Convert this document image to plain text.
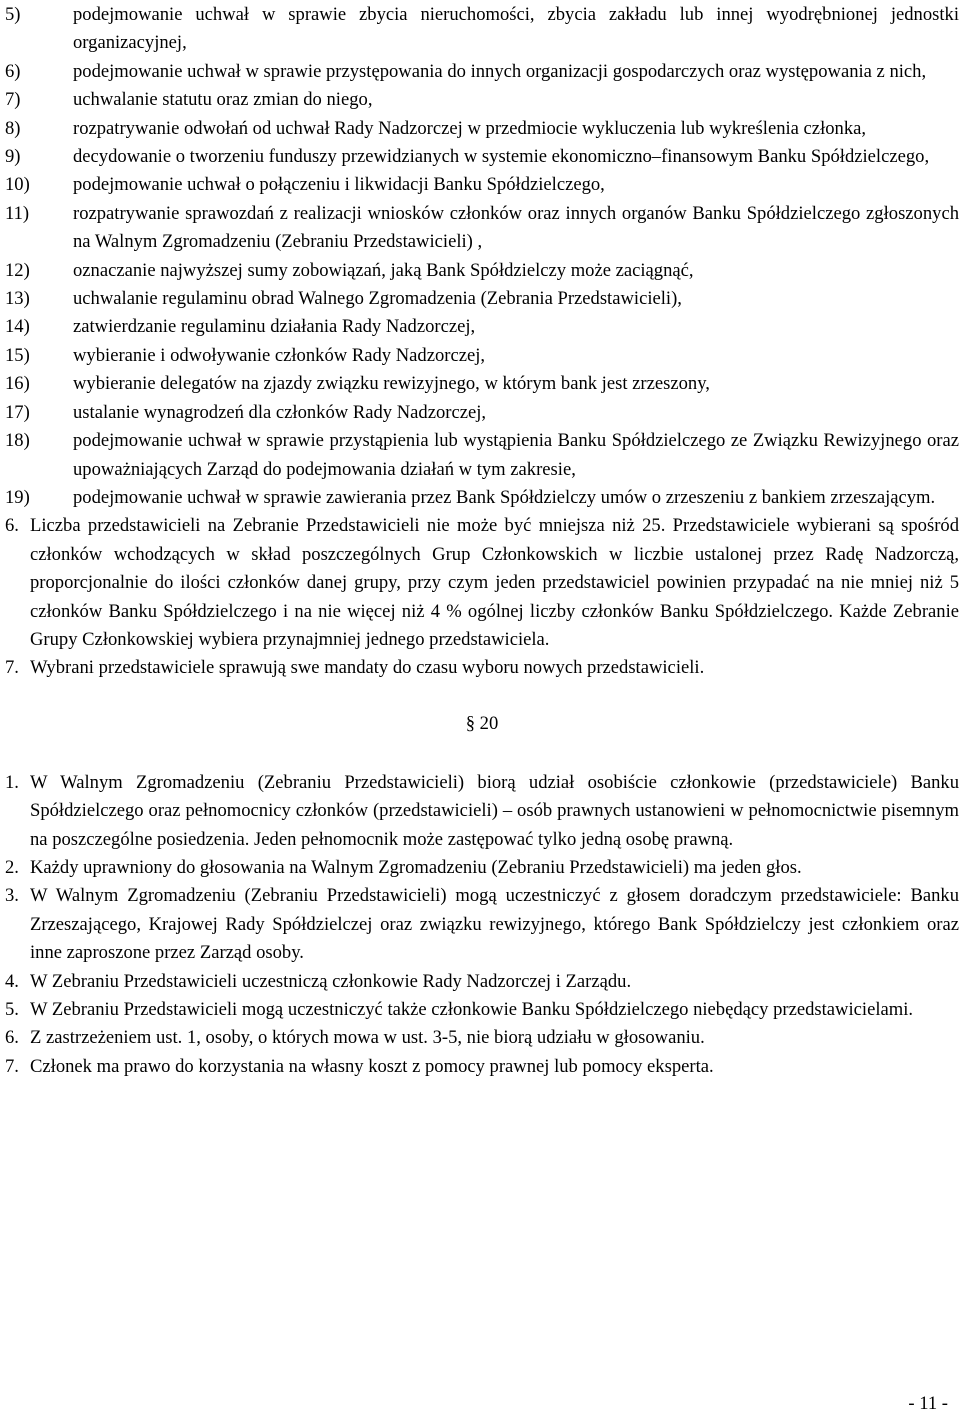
5)	podejmowanie uchwał w sprawie zbycia nieruchomości, zbycia zakładu lub innej wyodrębnionej jednostki organizacyjnej,
6)	podejmowanie uchwał w sprawie przystępowania do innych organizacji gospodarczych oraz występowania z nich,
7)	uchwalanie statutu oraz zmian do niego,
8)	rozpatrywanie odwołań od uchwał Rady Nadzorczej w przedmiocie wykluczenia lub wykreślenia członka,
9)	decydowanie o tworzeniu funduszy przewidzianych w systemie ekonomiczno–finansowym Banku Spółdzielczego,
10) podejmowanie uchwał o połączeniu i likwidacji Banku Spółdzielczego,
11) rozpatrywanie sprawozdań z realizacji wniosków członków oraz innych organów Banku Spółdzielczego zgłoszonych na Walnym Zgromadzeniu (Zebraniu Przedstawicieli) ,
12) oznaczanie najwyższej sumy zobowiązań, jaką Bank Spółdzielczy może zaciągnąć,
13) uchwalanie regulaminu obrad Walnego Zgromadzenia (Zebrania Przedstawicieli),
14) zatwierdzanie regulaminu działania Rady Nadzorczej,
15) wybieranie i odwoływanie członków Rady Nadzorczej,
16) wybieranie delegatów na zjazdy związku rewizyjnego, w którym bank jest zrzeszony,
17) ustalanie wynagrodzeń dla członków Rady Nadzorczej,
18) podejmowanie uchwał w sprawie przystąpienia lub wystąpienia Banku Spółdzielczego ze Związku Rewizyjnego oraz upoważniających Zarząd do podejmowania działań w tym zakresie,
19) podejmowanie uchwał w sprawie zawierania przez Bank Spółdzielczy umów o zrzeszeniu z bankiem zrzeszającym.
6. Liczba przedstawicieli na Zebranie Przedstawicieli nie może być mniejsza niż 25. Przedstawiciele wybierani są spośród członków wchodzących w skład poszczególnych Grup Członkowskich w liczbie ustalonej przez Radę Nadzorczą, proporcjonalnie do ilości członków danej grupy, przy czym jeden przedstawiciel powinien przypadać na nie mniej niż 5 członków Banku Spółdzielczego i na nie więcej niż 4 % ogólnej liczby członków Banku Spółdzielczego. Każde Zebranie Grupy Członkowskiej wybiera przynajmniej jednego przedstawiciela.
7. Wybrani przedstawiciele sprawują swe mandaty do czasu wyboru nowych przedstawicieli.
§ 20
1. W Walnym Zgromadzeniu (Zebraniu Przedstawicieli) biorą udział osobiście członkowie (przedstawiciele) Banku Spółdzielczego oraz pełnomocnicy członków (przedstawicieli) – osób prawnych ustanowieni w pełnomocnictwie pisemnym na poszczególne posiedzenia. Jeden pełnomocnik może zastępować tylko jedną osobę prawną.
2. Każdy uprawniony do głosowania na Walnym Zgromadzeniu (Zebraniu Przedstawicieli) ma jeden głos.
3. W Walnym Zgromadzeniu (Zebraniu Przedstawicieli) mogą uczestniczyć z głosem doradczym przedstawiciele: Banku Zrzeszającego, Krajowej Rady Spółdzielczej oraz związku rewizyjnego, którego Bank Spółdzielczy jest członkiem oraz inne zaproszone przez Zarząd osoby.
4. W Zebraniu Przedstawicieli uczestniczą członkowie Rady Nadzorczej i Zarządu.
5. W Zebraniu Przedstawicieli mogą uczestniczyć także członkowie Banku Spółdzielczego niebędący przedstawicielami.
6. Z zastrzeżeniem ust. 1, osoby, o których mowa w ust. 3-5, nie biorą udziału w głosowaniu.
7. Członek ma prawo do korzystania na własny koszt z pomocy prawnej lub pomocy eksperta.
- 11 -
